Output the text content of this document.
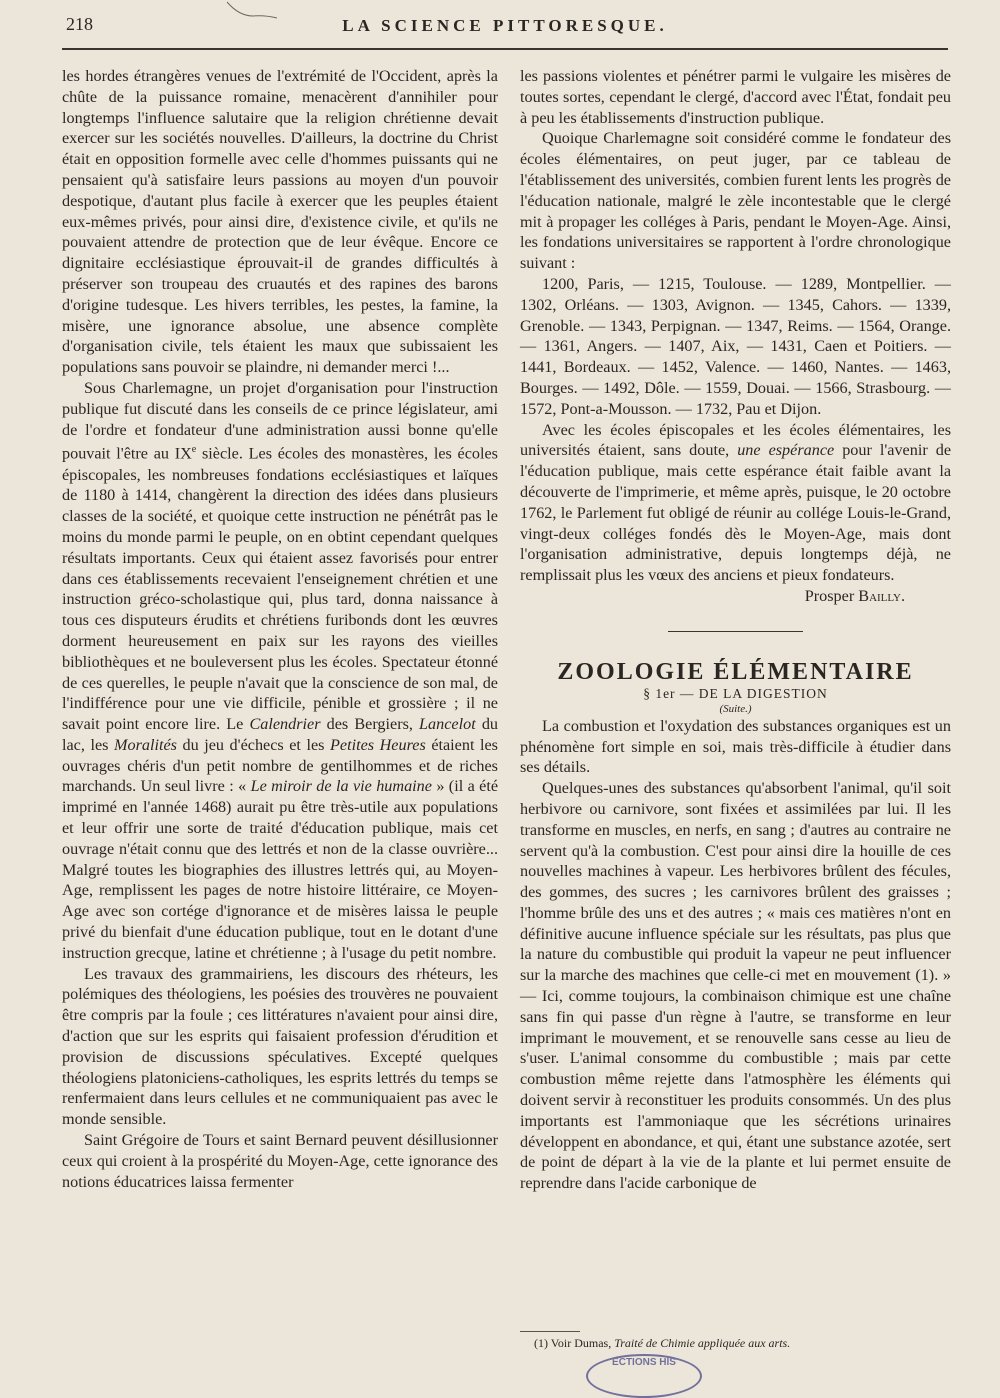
218	LA SCIENCE PITTORESQUE.

les hordes étrangères venues de l'extrémité de l'Occident, après la chûte de la puissance romaine, menacèrent d'annihiler pour longtemps l'influence salutaire que la religion chrétienne devait exercer sur les sociétés nouvelles. D'ailleurs, la doctrine du Christ était en opposition formelle avec celle d'hommes puissants qui ne pensaient qu'à satisfaire leurs passions au moyen d'un pouvoir despotique, d'autant plus facile à exercer que les peuples étaient eux-mêmes privés, pour ainsi dire, d'existence civile, et qu'ils ne pouvaient attendre de protection que de leur évêque. Encore ce dignitaire ecclésiastique éprouvait-il de grandes difficultés à préserver son troupeau des cruautés et des rapines des barons d'origine tudesque. Les hivers terribles, les pestes, la famine, la misère, une ignorance absolue, une absence complète d'organisation civile, tels étaient les maux que subissaient les populations sans pouvoir se plaindre, ni demander merci !...

Sous Charlemagne, un projet d'organisation pour l'instruction publique fut discuté dans les conseils de ce prince législateur, ami de l'ordre et fondateur d'une administration aussi bonne qu'elle pouvait l'être au IXe siècle. Les écoles des monastères, les écoles épiscopales, les nombreuses fondations ecclésiastiques et laïques de 1180 à 1414, changèrent la direction des idées dans plusieurs classes de la société, et quoique cette instruction ne pénétrât pas le moins du monde parmi le peuple, on en obtint cependant quelques résultats importants. Ceux qui étaient assez favorisés pour entrer dans ces établissements recevaient l'enseignement chrétien et une instruction gréco-scholastique qui, plus tard, donna naissance à tous ces disputeurs érudits et chrétiens furibonds dont les œuvres dorment heureusement en paix sur les rayons des vieilles bibliothèques et ne bouleversent plus les écoles. Spectateur étonné de ces querelles, le peuple n'avait que la conscience de son mal, de l'indifférence pour une vie difficile, pénible et grossière ; il ne savait point encore lire. Le Calendrier des Bergiers, Lancelot du lac, les Moralités du jeu d'échecs et les Petites Heures étaient les ouvrages chéris d'un petit nombre de gentilhommes et de riches marchands. Un seul livre : « Le miroir de la vie humaine » (il a été imprimé en l'année 1468) aurait pu être très-utile aux populations et leur offrir une sorte de traité d'éducation publique, mais cet ouvrage n'était connu que des lettrés et non de la classe ouvrière... Malgré toutes les biographies des illustres lettrés qui, au Moyen-Age, remplissent les pages de notre histoire littéraire, ce Moyen-Age avec son cortége d'ignorance et de misères laissa le peuple privé du bienfait d'une éducation publique, tout en le dotant d'une instruction grecque, latine et chrétienne ; à l'usage du petit nombre.

Les travaux des grammairiens, les discours des rhéteurs, les polémiques des théologiens, les poésies des trouvères ne pouvaient être compris par la foule ; ces littératures n'avaient pour ainsi dire, d'action que sur les esprits qui faisaient profession d'érudition et provision de discussions spéculatives. Excepté quelques théologiens platoniciens-catholiques, les esprits lettrés du temps se renfermaient dans leurs cellules et ne communiquaient pas avec le monde sensible.

Saint Grégoire de Tours et saint Bernard peuvent désillusionner ceux qui croient à la prospérité du Moyen-Age, cette ignorance des notions éducatrices laissa fermenter

les passions violentes et pénétrer parmi le vulgaire les misères de toutes sortes, cependant le clergé, d'accord avec l'État, fondait peu à peu les établissements d'instruction publique.

Quoique Charlemagne soit considéré comme le fondateur des écoles élémentaires, on peut juger, par ce tableau de l'établissement des universités, combien furent lents les progrès de l'éducation nationale, malgré le zèle incontestable que le clergé mit à propager les colléges à Paris, pendant le Moyen-Age. Ainsi, les fondations universitaires se rapportent à l'ordre chronologique suivant :

1200, Paris, — 1215, Toulouse. — 1289, Montpellier. — 1302, Orléans. — 1303, Avignon. — 1345, Cahors. — 1339, Grenoble. — 1343, Perpignan. — 1347, Reims. — 1564, Orange. — 1361, Angers. — 1407, Aix, — 1431, Caen et Poitiers. — 1441, Bordeaux. — 1452, Valence. — 1460, Nantes. — 1463, Bourges. — 1492, Dôle. — 1559, Douai. — 1566, Strasbourg. — 1572, Pont-a-Mousson. — 1732, Pau et Dijon.

Avec les écoles épiscopales et les écoles élémentaires, les universités étaient, sans doute, une espérance pour l'avenir de l'éducation publique, mais cette espérance était faible avant la découverte de l'imprimerie, et même après, puisque, le 20 octobre 1762, le Parlement fut obligé de réunir au collége Louis-le-Grand, vingt-deux colléges fondés dès le Moyen-Age, mais dont l'organisation administrative, depuis longtemps déjà, ne remplissait plus les vœux des anciens et pieux fondateurs.

Prosper Bailly.

ZOOLOGIE ÉLÉMENTAIRE

§ 1er — DE LA DIGESTION

(Suite.)

La combustion et l'oxydation des substances organiques est un phénomène fort simple en soi, mais très-difficile à étudier dans ses détails.

Quelques-unes des substances qu'absorbent l'animal, qu'il soit herbivore ou carnivore, sont fixées et assimilées par lui. Il les transforme en muscles, en nerfs, en sang ; d'autres au contraire ne servent qu'à la combustion. C'est pour ainsi dire la houille de ces nouvelles machines à vapeur. Les herbivores brûlent des fécules, des gommes, des sucres ; les carnivores brûlent des graisses ; l'homme brûle des uns et des autres ; « mais ces matières n'ont en définitive aucune influence spéciale sur les résultats, pas plus que la nature du combustible qui produit la vapeur ne peut influencer sur la marche des machines que celle-ci met en mouvement (1). » — Ici, comme toujours, la combinaison chimique est une chaîne sans fin qui passe d'un règne à l'autre, se transforme en leur imprimant le mouvement, et se renouvelle sans cesse au lieu de s'user. L'animal consomme du combustible ; mais par cette combustion même rejette dans l'atmosphère les éléments qui doivent servir à reconstituer les produits consommés. Un des plus importants est l'ammoniaque que les sécrétions urinaires développent en abondance, et qui, étant une substance azotée, sert de point de départ à la vie de la plante et lui permet ensuite de reprendre dans l'acide carbonique de

(1) Voir Dumas, Traité de Chimie appliquée aux arts.
ECTIONS HIS
